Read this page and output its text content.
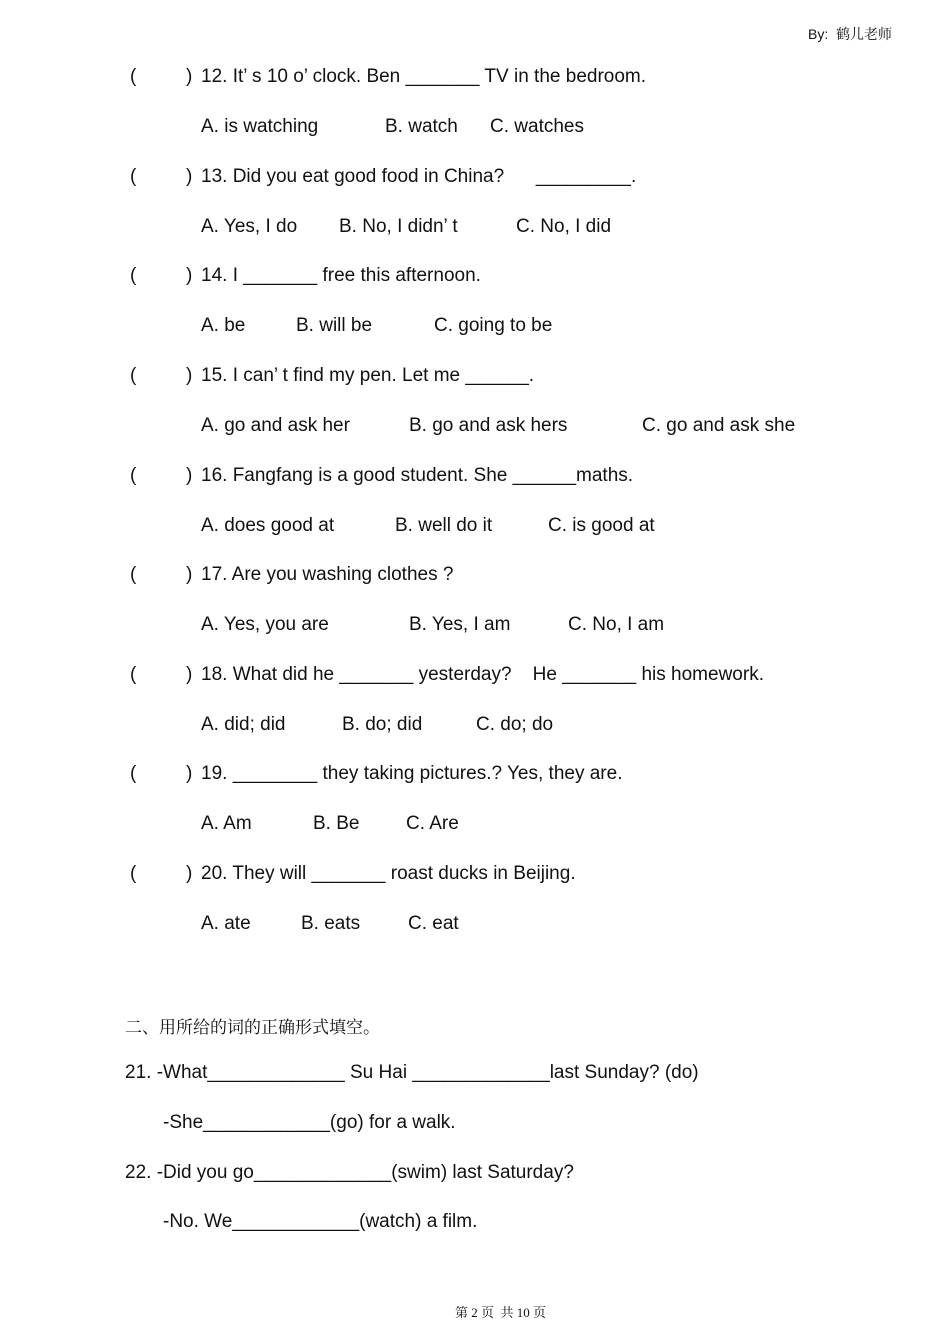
By:  鹤儿老师
(	) 12. It’ s 10 o’ clock. Ben _______ TV in the bedroom.
A. is watching	B. watch C. watches
(	) 13. Did you eat good food in China?      _________.
A. Yes, I do B. No, I didn’ t	C. No, I did
(	) 14. I _______ free this afternoon.
A. be	B. will be	C. going to be
(	) 15. I can’ t find my pen. Let me ______.
A. go and ask her	B. go and ask hers	C. go and ask she
(	) 16. Fangfang is a good student. She ______maths.
A. does good at	B. well do it	C. is good at
(	) 17. Are you washing clothes ?
A. Yes, you are	B. Yes, I am	C. No, I am
(	) 18. What did he _______ yesterday?    He _______ his homework.
A. did; did	B. do; did	C. do; do
(	) 19. ________ they taking pictures.? Yes, they are.
A. Am	B. Be C. Are
(	) 20. They will _______ roast ducks in Beijing.
A. ate	B. eats	C. eat
二、用所给的词的正确形式填空。
21. -What_____________ Su Hai _____________last Sunday? (do)
-She____________(go) for a walk.
22. -Did you go_____________(swim) last Saturday?
-No. We____________(watch) a film.
第 2 页  共 10 页
